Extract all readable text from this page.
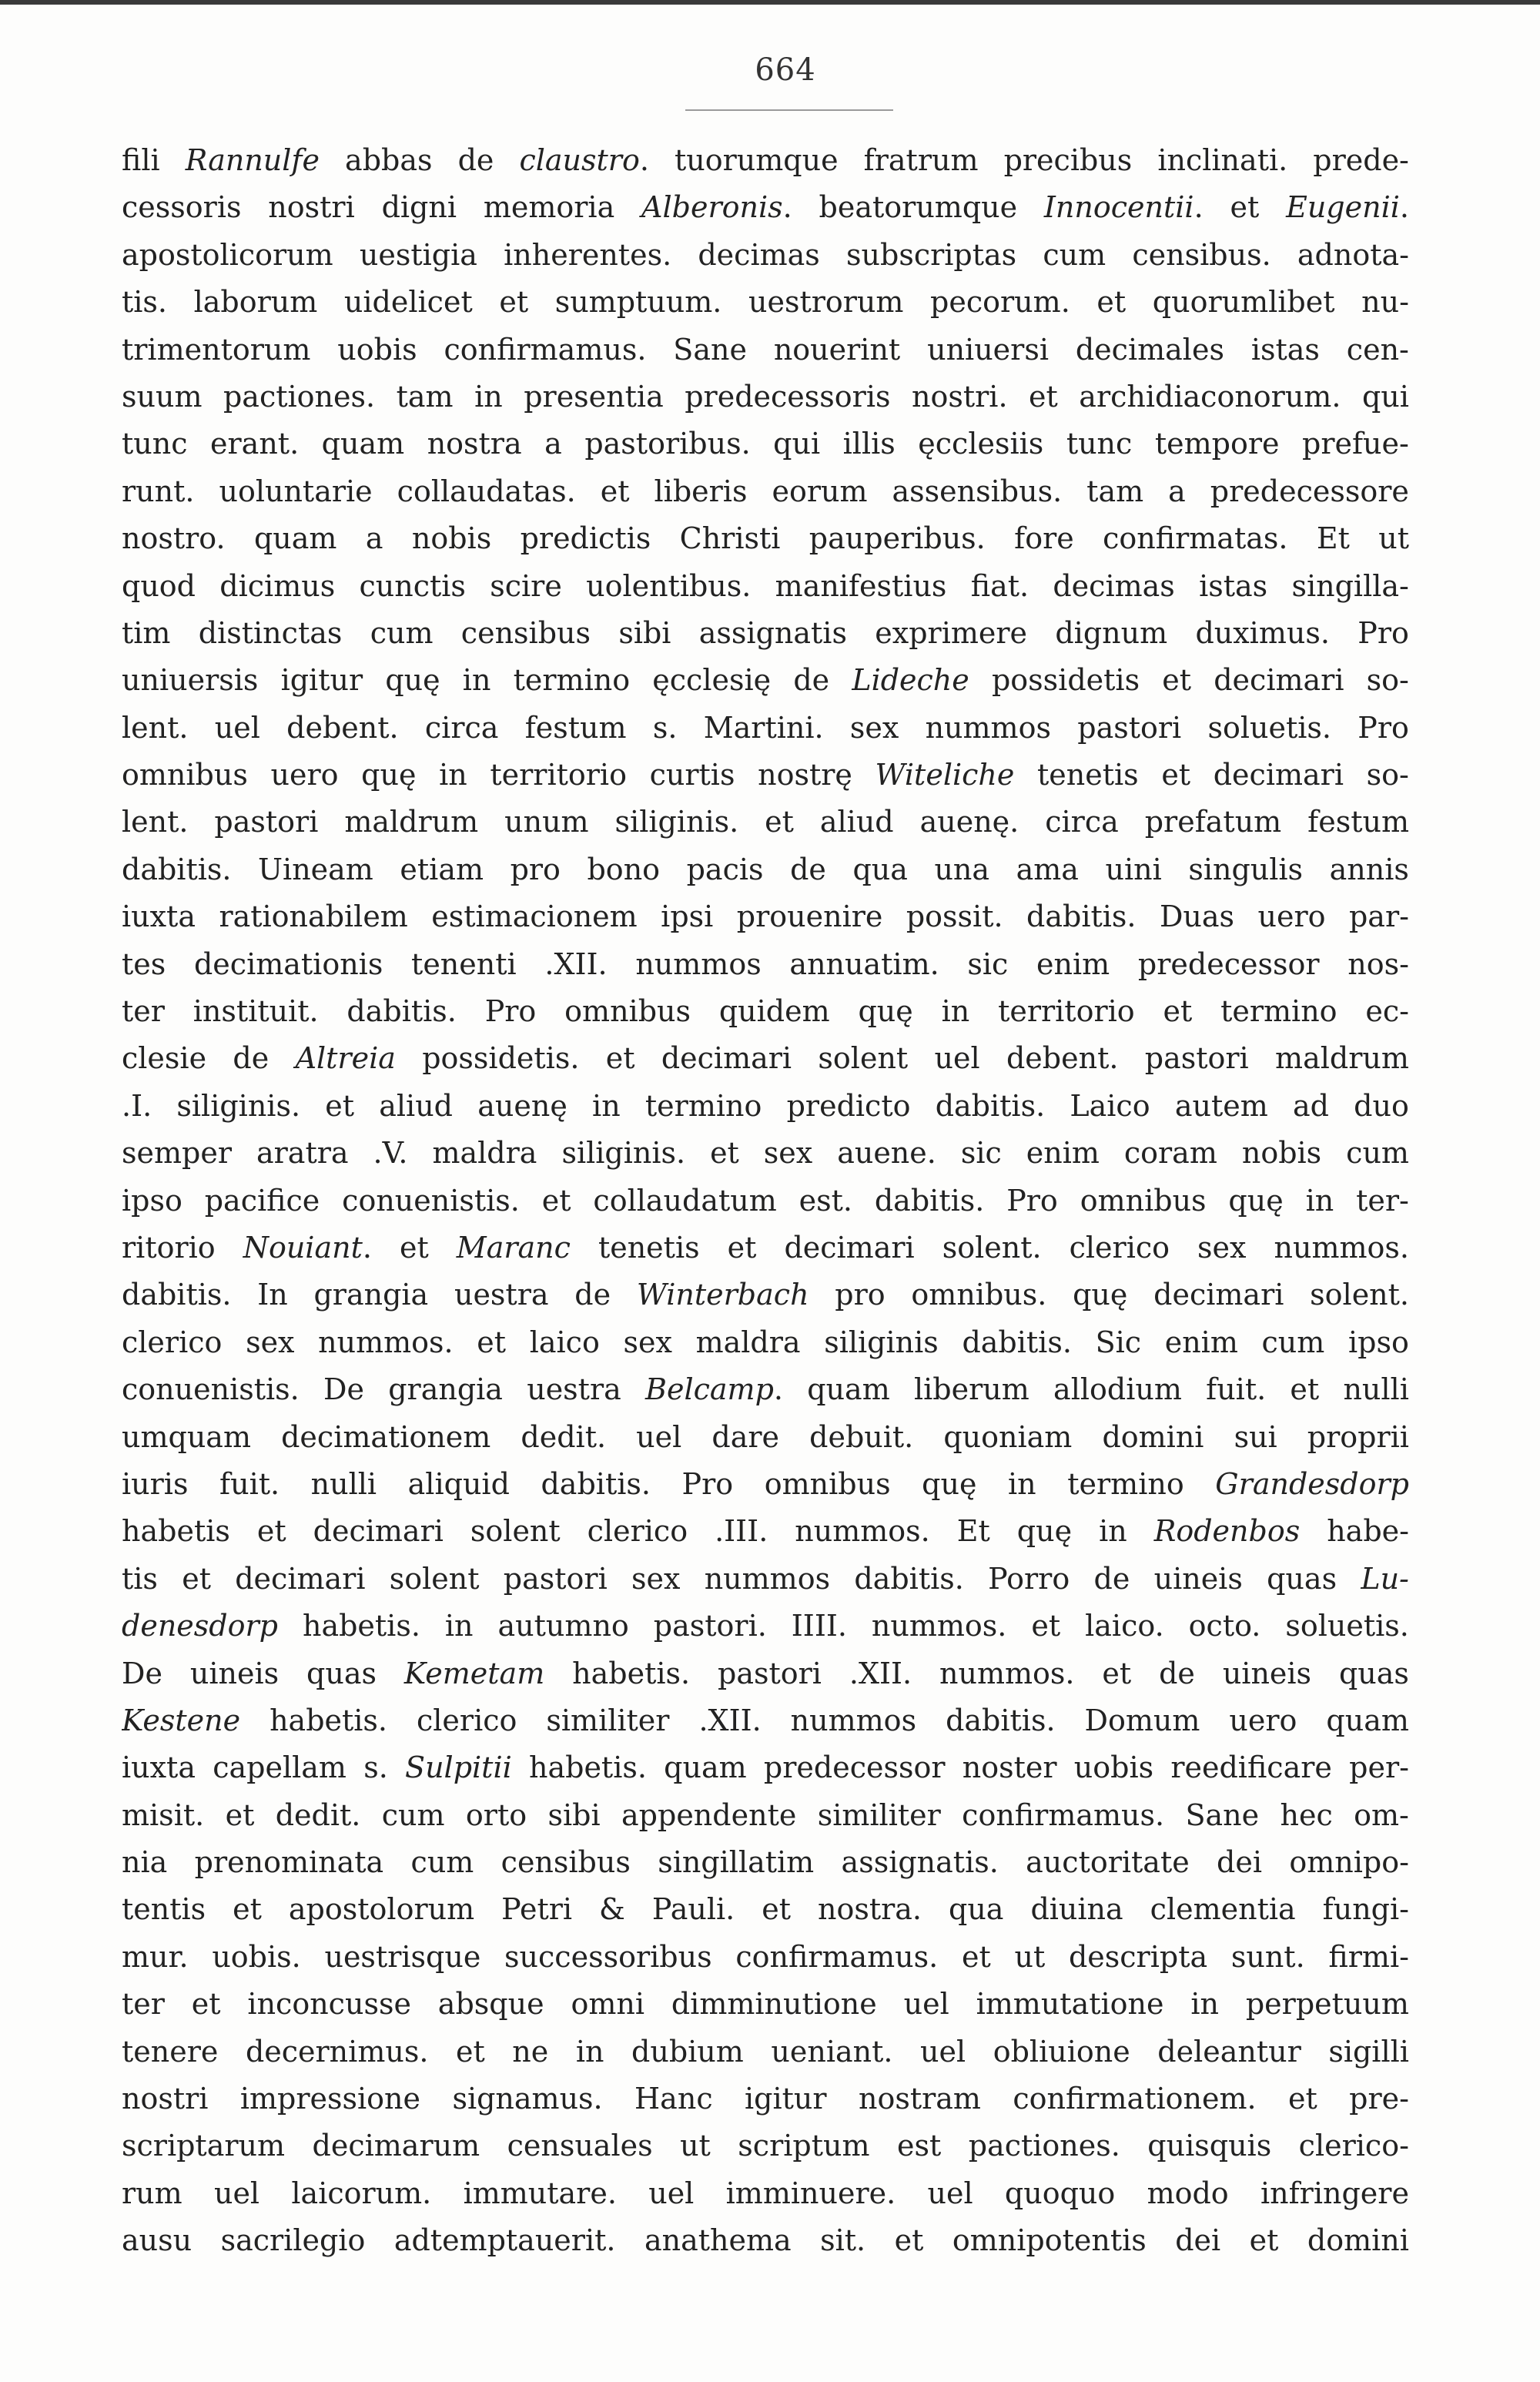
664
fili Rannulfe abbas de claustro. tuorumque fratrum precibus inclinati. prede-
cessoris nostri digni memoria Alberonis. beatorumque Innocentii. et Eugenii.
apostolicorum uestigia inherentes. decimas subscriptas cum censibus. adnota-
tis. laborum uidelicet et sumptuum. uestrorum pecorum. et quorumlibet nu-
trimentorum uobis confirmamus. Sane nouerint uniuersi decimales istas cen-
suum pactiones. tam in presentia predecessoris nostri. et archidiaconorum. qui
tunc erant. quam nostra a pastoribus. qui illis ęcclesiis tunc tempore prefue-
runt. uoluntarie collaudatas. et liberis eorum assensibus. tam a predecessore
nostro. quam a nobis predictis Christi pauperibus. fore confirmatas. Et ut
quod dicimus cunctis scire uolentibus. manifestius fiat. decimas istas singilla-
tim distinctas cum censibus sibi assignatis exprimere dignum duximus. Pro
uniuersis igitur quę in termino ęcclesię de Lideche possidetis et decimari so-
lent. uel debent. circa festum s. Martini. sex nummos pastori soluetis. Pro
omnibus uero quę in territorio curtis nostrę Witeliche tenetis et decimari so-
lent. pastori maldrum unum siliginis. et aliud auenę. circa prefatum festum
dabitis. Uineam etiam pro bono pacis de qua una ama uini singulis annis
iuxta rationabilem estimacionem ipsi prouenire possit. dabitis. Duas uero par-
tes decimationis tenenti .XII. nummos annuatim. sic enim predecessor nos-
ter instituit. dabitis. Pro omnibus quidem quę in territorio et termino ec-
clesie de Altreia possidetis. et decimari solent uel debent. pastori maldrum
.I. siliginis. et aliud auenę in termino predicto dabitis. Laico autem ad duo
semper aratra .V. maldra siliginis. et sex auene. sic enim coram nobis cum
ipso pacifice conuenistis. et collaudatum est. dabitis. Pro omnibus quę in ter-
ritorio Nouiant. et Maranc tenetis et decimari solent. clerico sex nummos.
dabitis. In grangia uestra de Winterbach pro omnibus. quę decimari solent.
clerico sex nummos. et laico sex maldra siliginis dabitis. Sic enim cum ipso
conuenistis. De grangia uestra Belcamp. quam liberum allodium fuit. et nulli
umquam decimationem dedit. uel dare debuit. quoniam domini sui proprii
iuris fuit. nulli aliquid dabitis. Pro omnibus quę in termino Grandesdorp
habetis et decimari solent clerico .III. nummos. Et quę in Rodenbos habe-
tis et decimari solent pastori sex nummos dabitis. Porro de uineis quas Lu-
denesdorp habetis. in autumno pastori. IIII. nummos. et laico. octo. soluetis.
De uineis quas Kemetam habetis. pastori .XII. nummos. et de uineis quas
Kestene habetis. clerico similiter .XII. nummos dabitis. Domum uero quam
iuxta capellam s. Sulpitii habetis. quam predecessor noster uobis reedificare per-
misit. et dedit. cum orto sibi appendente similiter confirmamus. Sane hec om-
nia prenominata cum censibus singillatim assignatis. auctoritate dei omnipo-
tentis et apostolorum Petri & Pauli. et nostra. qua diuina clementia fungi-
mur. uobis. uestrisque successoribus confirmamus. et ut descripta sunt. firmi-
ter et inconcusse absque omni dimminutione uel immutatione in perpetuum
tenere decernimus. et ne in dubium ueniant. uel obliuione deleantur sigilli
nostri impressione signamus. Hanc igitur nostram confirmationem. et pre-
scriptarum decimarum censuales ut scriptum est pactiones. quisquis clerico-
rum uel laicorum. immutare. uel imminuere. uel quoquo modo infringere
ausu sacrilegio adtemptauerit. anathema sit. et omnipotentis dei et domini
